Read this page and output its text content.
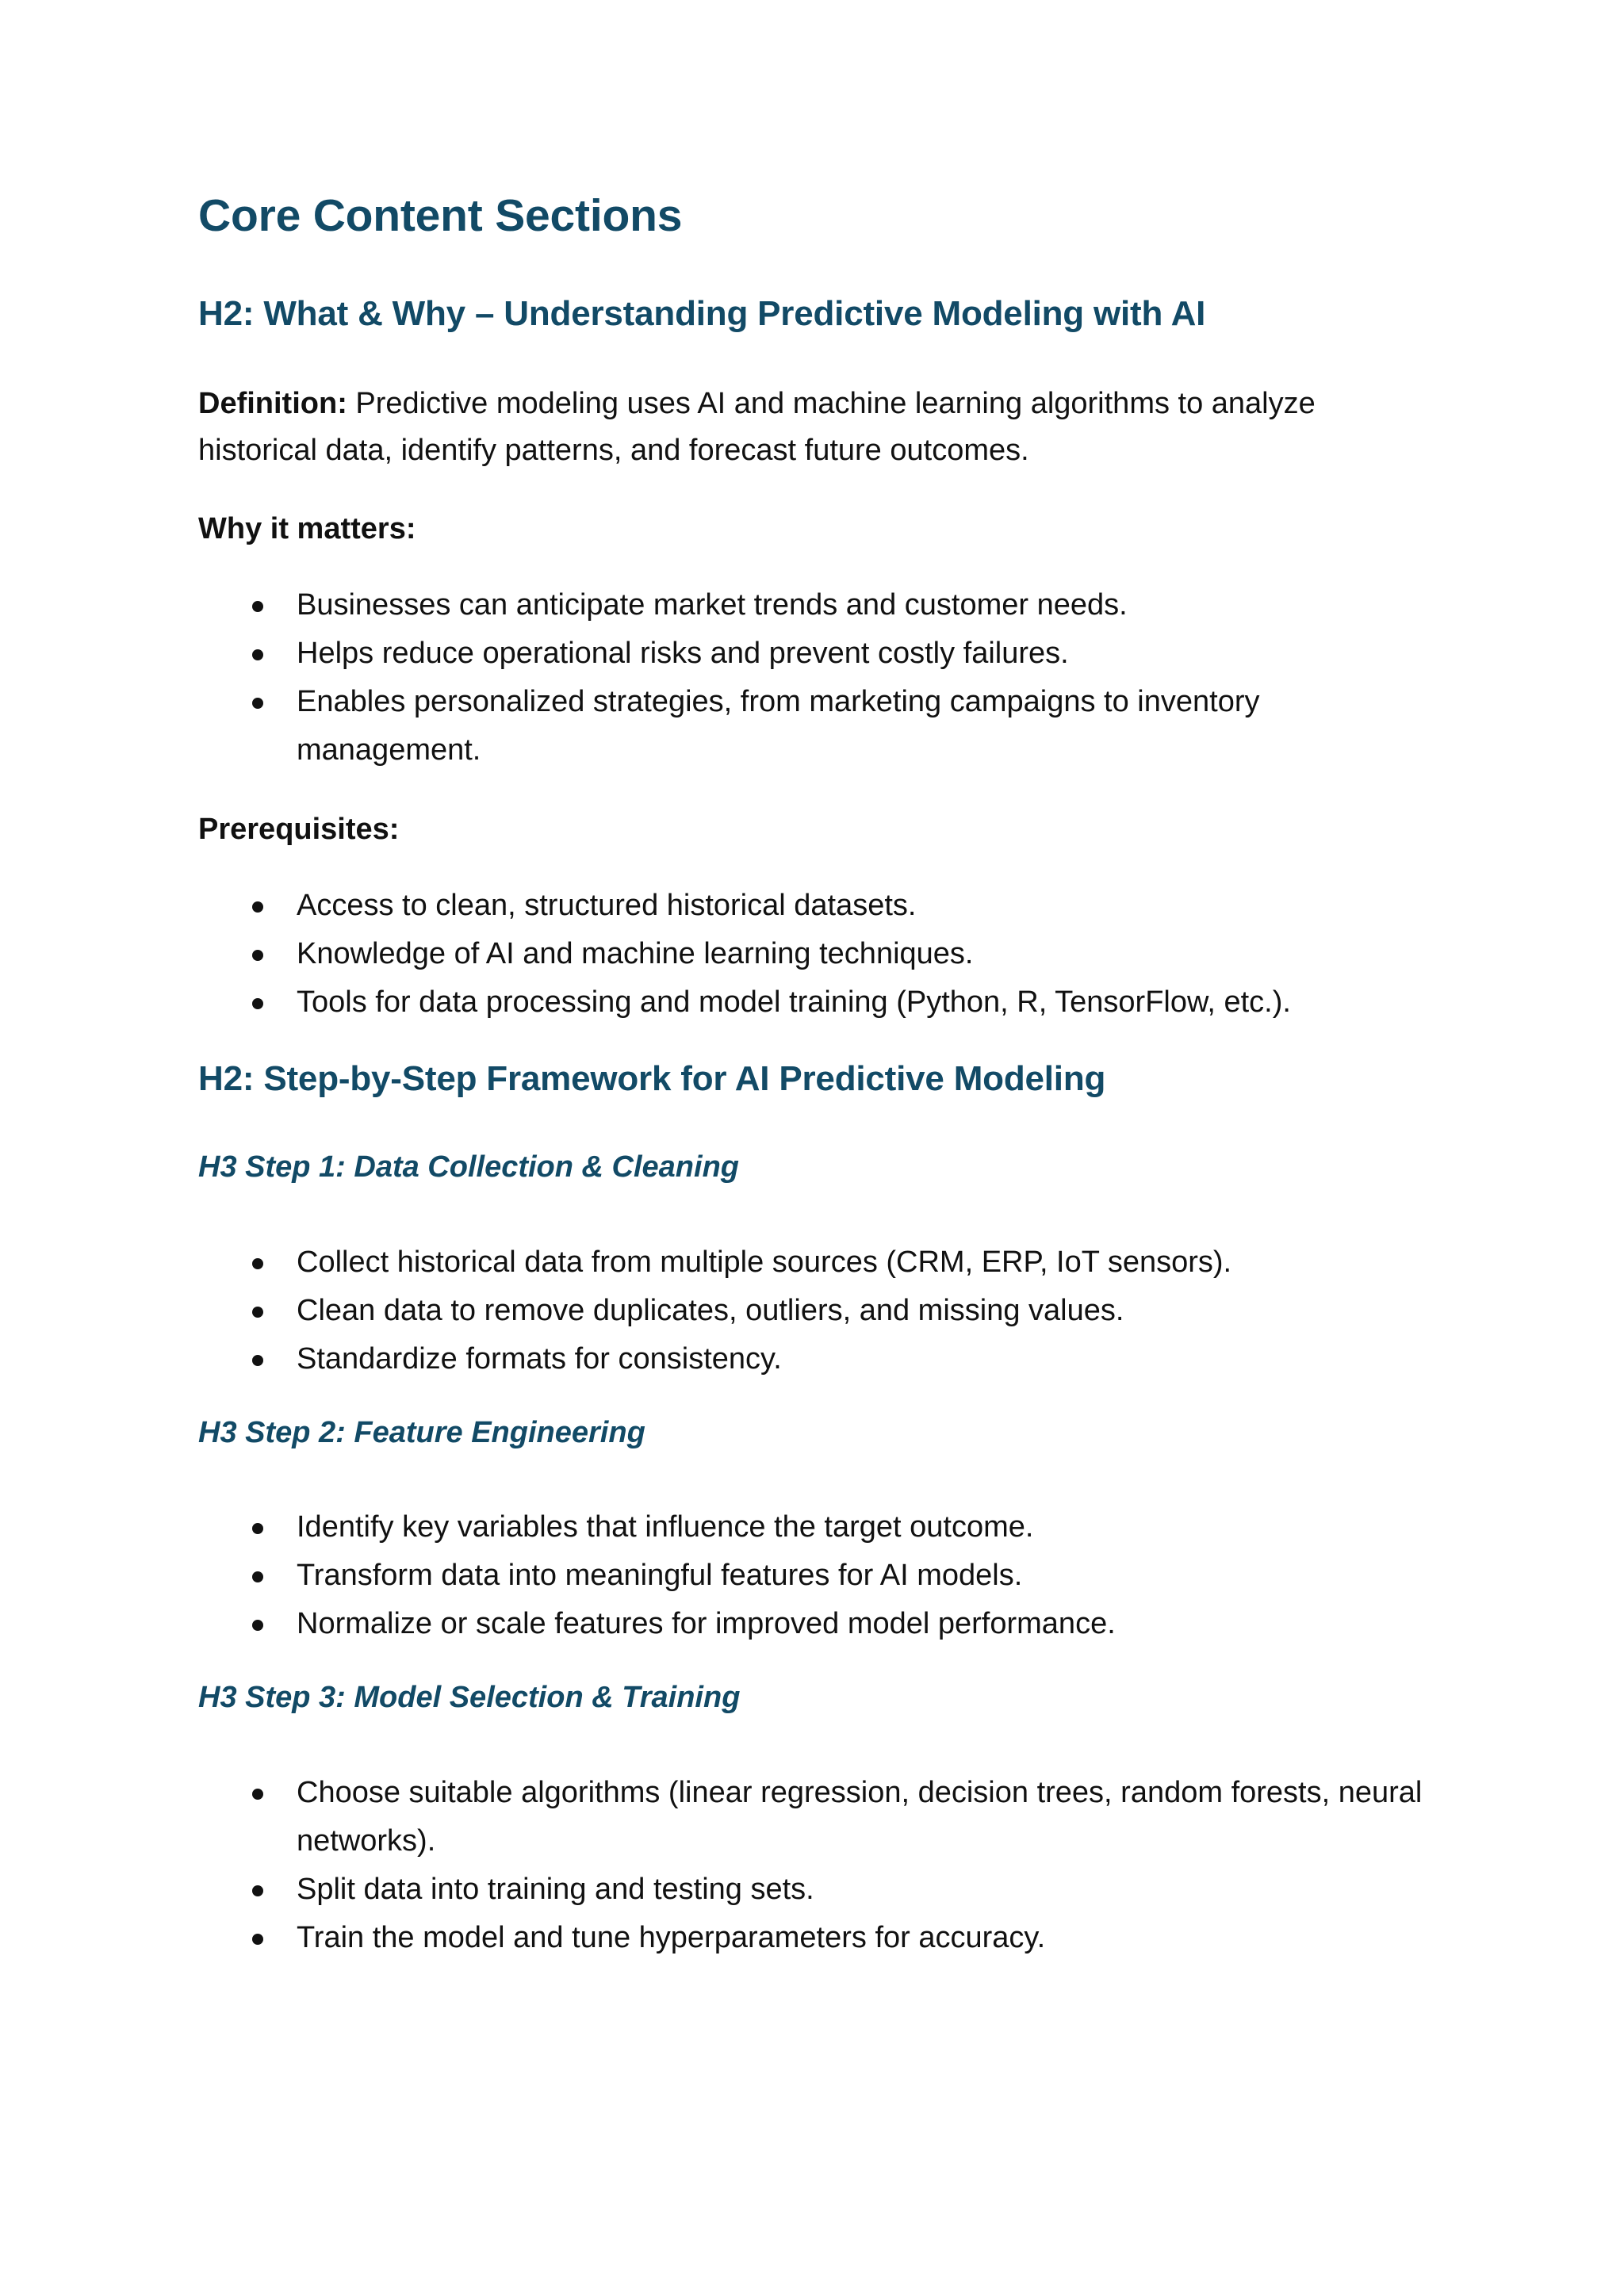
Core Content Sections
H2: What & Why – Understanding Predictive Modeling with AI
Definition: Predictive modeling uses AI and machine learning algorithms to analyze historical data, identify patterns, and forecast future outcomes.
Why it matters:
Businesses can anticipate market trends and customer needs.
Helps reduce operational risks and prevent costly failures.
Enables personalized strategies, from marketing campaigns to inventory management.
Prerequisites:
Access to clean, structured historical datasets.
Knowledge of AI and machine learning techniques.
Tools for data processing and model training (Python, R, TensorFlow, etc.).
H2: Step-by-Step Framework for AI Predictive Modeling
H3 Step 1: Data Collection & Cleaning
Collect historical data from multiple sources (CRM, ERP, IoT sensors).
Clean data to remove duplicates, outliers, and missing values.
Standardize formats for consistency.
H3 Step 2: Feature Engineering
Identify key variables that influence the target outcome.
Transform data into meaningful features for AI models.
Normalize or scale features for improved model performance.
H3 Step 3: Model Selection & Training
Choose suitable algorithms (linear regression, decision trees, random forests, neural networks).
Split data into training and testing sets.
Train the model and tune hyperparameters for accuracy.
